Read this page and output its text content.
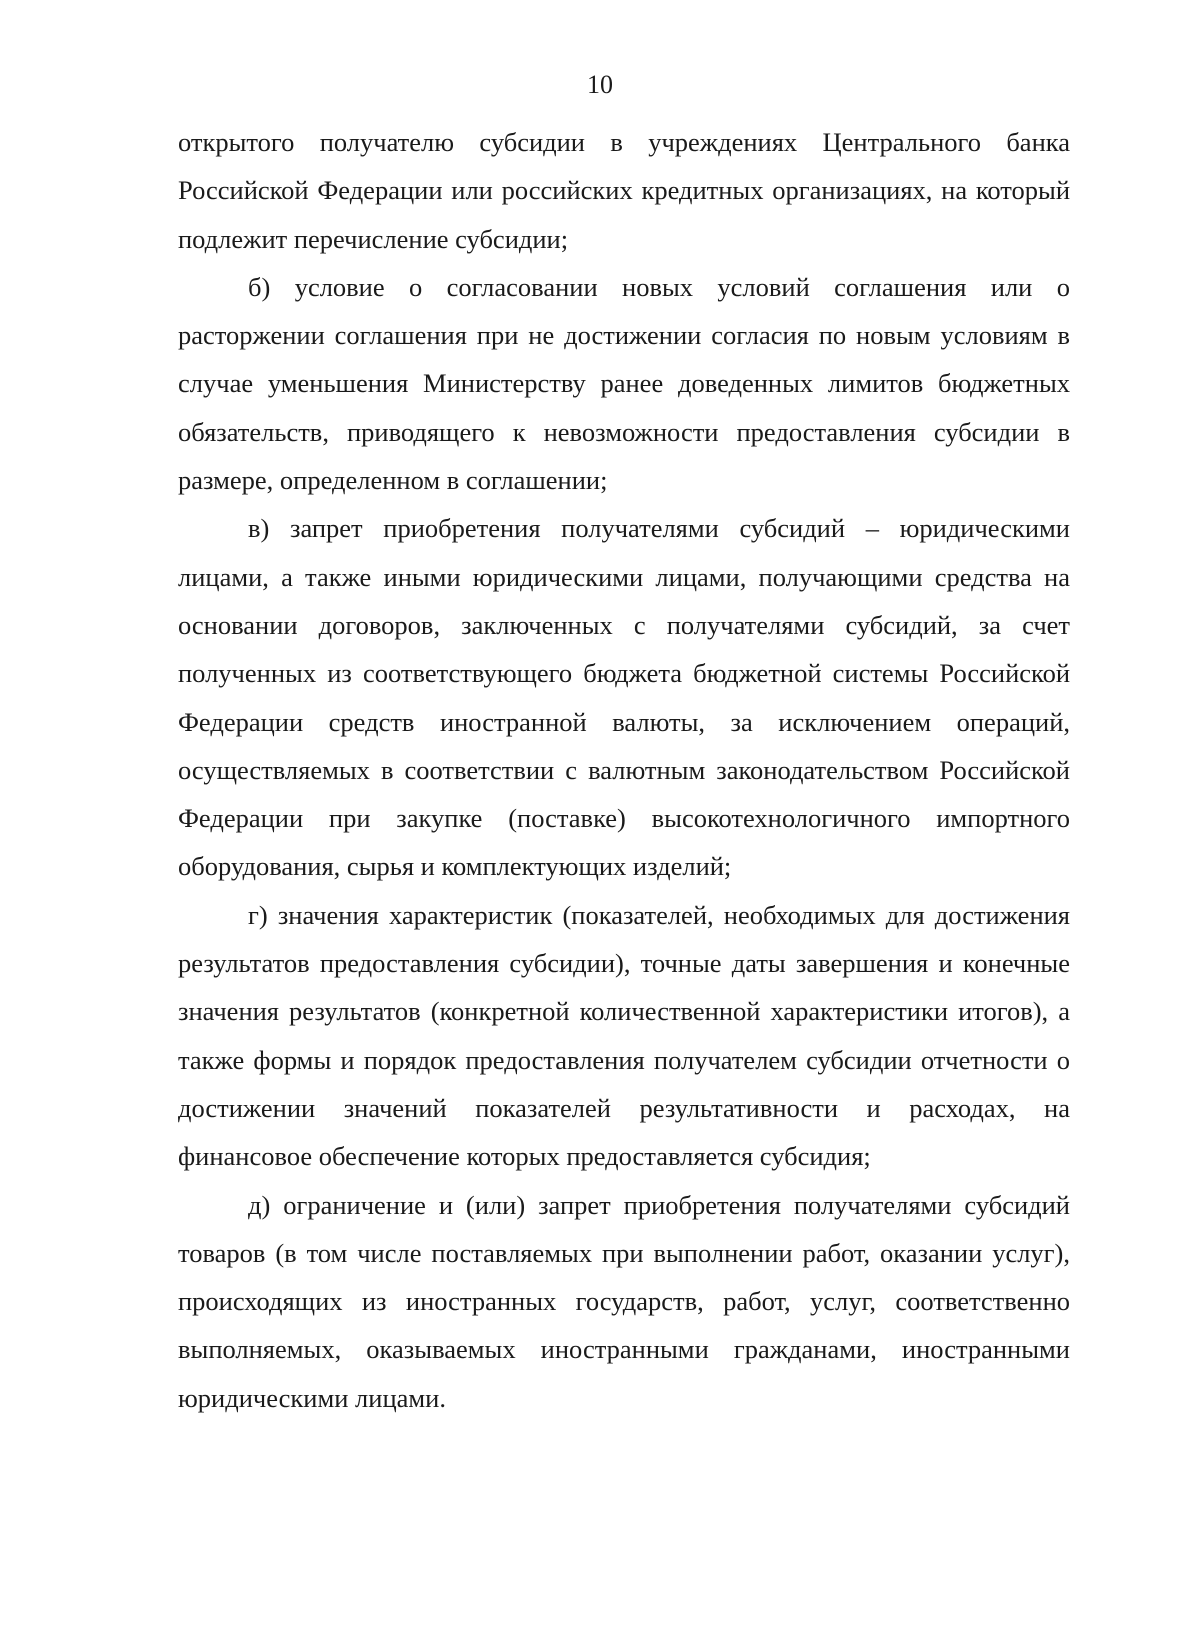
10

открытого получателю субсидии в учреждениях Центрального банка Российской Федерации или российских кредитных организациях, на который подлежит перечисление субсидии;

б) условие о согласовании новых условий соглашения или о расторжении соглашения при не достижении согласия по новым условиям в случае уменьшения Министерству ранее доведенных лимитов бюджетных обязательств, приводящего к невозможности предоставления субсидии в размере, определенном в соглашении;

в) запрет приобретения получателями субсидий – юридическими лицами, а также иными юридическими лицами, получающими средства на основании договоров, заключенных с получателями субсидий, за счет полученных из соответствующего бюджета бюджетной системы Российской Федерации средств иностранной валюты, за исключением операций, осуществляемых в соответствии с валютным законодательством Российской Федерации при закупке (поставке) высокотехнологичного импортного оборудования, сырья и комплектующих изделий;

г) значения характеристик (показателей, необходимых для достижения результатов предоставления субсидии), точные даты завершения и конечные значения результатов (конкретной количественной характеристики итогов), а также формы и порядок предоставления получателем субсидии отчетности о достижении значений показателей результативности и расходах, на финансовое обеспечение которых предоставляется субсидия;

д) ограничение и (или) запрет приобретения получателями субсидий товаров (в том числе поставляемых при выполнении работ, оказании услуг), происходящих из иностранных государств, работ, услуг, соответственно выполняемых, оказываемых иностранными гражданами, иностранными юридическими лицами.
